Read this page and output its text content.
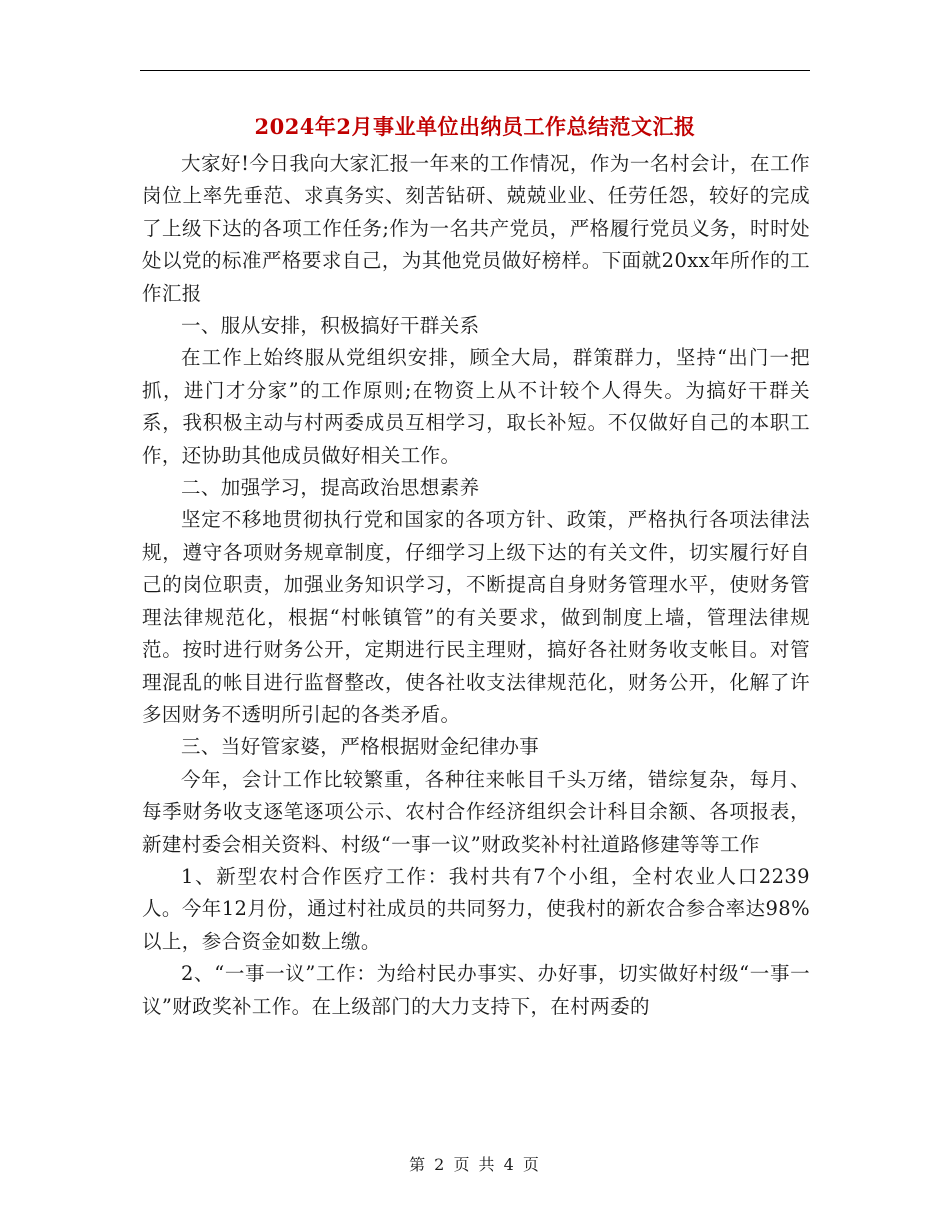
2024年2月事业单位出纳员工作总结范文汇报

大家好!今日我向大家汇报一年来的工作情况，作为一名村会计，在工作岗位上率先垂范、求真务实、刻苦钻研、兢兢业业、任劳任怨，较好的完成了上级下达的各项工作任务;作为一名共产党员，严格履行党员义务，时时处处以党的标准严格要求自己，为其他党员做好榜样。下面就20xx年所作的工作汇报

一、服从安排，积极搞好干群关系

在工作上始终服从党组织安排，顾全大局，群策群力，坚持“出门一把抓，进门才分家”的工作原则;在物资上从不计较个人得失。为搞好干群关系，我积极主动与村两委成员互相学习，取长补短。不仅做好自己的本职工作，还协助其他成员做好相关工作。

二、加强学习，提高政治思想素养

坚定不移地贯彻执行党和国家的各项方针、政策，严格执行各项法律法规，遵守各项财务规章制度，仔细学习上级下达的有关文件，切实履行好自己的岗位职责，加强业务知识学习，不断提高自身财务管理水平，使财务管理法律规范化，根据“村帐镇管”的有关要求，做到制度上墙，管理法律规范。按时进行财务公开，定期进行民主理财，搞好各社财务收支帐目。对管理混乱的帐目进行监督整改，使各社收支法律规范化，财务公开，化解了许多因财务不透明所引起的各类矛盾。

三、当好管家婆，严格根据财金纪律办事

今年，会计工作比较繁重，各种往来帐目千头万绪，错综复杂，每月、每季财务收支逐笔逐项公示、农村合作经济组织会计科目余额、各项报表，新建村委会相关资料、村级“一事一议”财政奖补村社道路修建等等工作

1、新型农村合作医疗工作：我村共有7个小组，全村农业人口2239人。今年12月份，通过村社成员的共同努力，使我村的新农合参合率达98%以上，参合资金如数上缴。

2、“一事一议”工作：为给村民办事实、办好事，切实做好村级“一事一议”财政奖补工作。在上级部门的大力支持下，在村两委的

第 2 页 共 4 页
